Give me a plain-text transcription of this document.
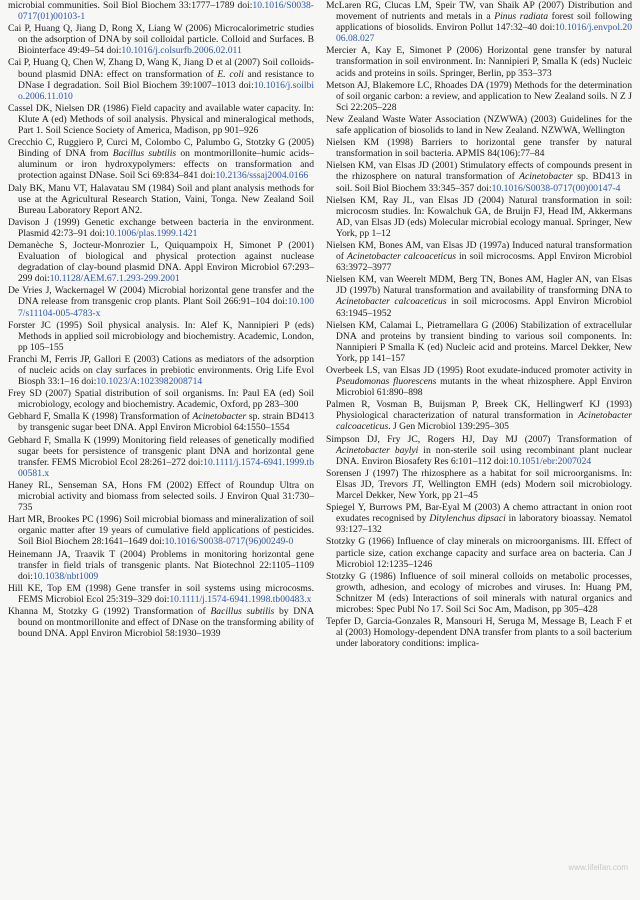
microbial communities. Soil Biol Biochem 33:1777–1789 doi:10.1016/S0038-0717(01)00103-1

Cai P, Huang Q, Jiang D, Rong X, Liang W (2006) Microcalorimetric studies on the adsorption of DNA by soil colloidal particle. Colloid and Surfaces. B Biointerface 49:49–54 doi:10.1016/j.colsurfb.2006.02.011

Cai P, Huang Q, Chen W, Zhang D, Wang K, Jiang D et al (2007) Soil colloids-bound plasmid DNA: effect on transformation of E. coli and resistance to DNase I degradation. Soil Biol Biochem 39:1007–1013 doi:10.1016/j.soilbio.2006.11.010

Cassel DK, Nielsen DR (1986) Field capacity and available water capacity. In: Klute A (ed) Methods of soil analysis. Physical and mineralogical methods, Part 1. Soil Science Society of America, Madison, pp 901–926

Crecchio C, Ruggiero P, Curci M, Colombo C, Palumbo G, Stotzky G (2005) Binding of DNA from Bacillus subtilis on montmorillonite–humic acids–aluminum or iron hydroxypolymers: effects on transformation and protection against DNase. Soil Sci 69:834–841 doi:10.2136/sssaj2004.0166

Daly BK, Manu VT, Halavatau SM (1984) Soil and plant analysis methods for use at the Agricultural Research Station, Vaini, Tonga. New Zealand Soil Bureau Laboratory Report AN2.

Davison J (1999) Genetic exchange between bacteria in the environment. Plasmid 42:73–91 doi:10.1006/plas.1999.1421

Demanèche S, Jocteur-Monrozier L, Quiquampoix H, Simonet P (2001) Evaluation of biological and physical protection against nuclease degradation of clay-bound plasmid DNA. Appl Environ Microbiol 67:293–299 doi:10.1128/AEM.67.1.293-299.2001

De Vries J, Wackernagel W (2004) Microbial horizontal gene transfer and the DNA release from transgenic crop plants. Plant Soil 266:91–104 doi:10.1007/s11104-005-4783-x

Forster JC (1995) Soil physical analysis. In: Alef K, Nannipieri P (eds) Methods in applied soil microbiology and biochemistry. Academic, London, pp 105–155

Franchi M, Ferris JP, Gallori E (2003) Cations as mediators of the adsorption of nucleic acids on clay surfaces in prebiotic environments. Orig Life Evol Biosph 33:1–16 doi:10.1023/A:1023982008714

Frey SD (2007) Spatial distribution of soil organisms. In: Paul EA (ed) Soil microbiology, ecology and biochemistry. Academic, Oxford, pp 283–300

Gebhard F, Smalla K (1998) Transformation of Acinetobacter sp. strain BD413 by transgenic sugar beet DNA. Appl Environ Microbiol 64:1550–1554

Gebhard F, Smalla K (1999) Monitoring field releases of genetically modified sugar beets for persistence of transgenic plant DNA and horizontal gene transfer. FEMS Microbiol Ecol 28:261–272 doi:10.1111/j.1574-6941.1999.tb00581.x

Haney RL, Senseman SA, Hons FM (2002) Effect of Roundup Ultra on microbial activity and biomass from selected soils. J Environ Qual 31:730–735

Hart MR, Brookes PC (1996) Soil microbial biomass and mineralization of soil organic matter after 19 years of cumulative field applications of pesticides. Soil Biol Biochem 28:1641–1649 doi:10.1016/S0038-0717(96)00249-0

Heinemann JA, Traavik T (2004) Problems in monitoring horizontal gene transfer in field trials of transgenic plants. Nat Biotechnol 22:1105–1109 doi:10.1038/nbt1009

Hill KE, Top EM (1998) Gene transfer in soil systems using microcosms. FEMS Microbiol Ecol 25:319–329 doi:10.1111/j.1574-6941.1998.tb00483.x

Khanna M, Stotzky G (1992) Transformation of Bacillus subtilis by DNA bound on montmorillonite and effect of DNase on the transforming ability of bound DNA. Appl Environ Microbiol 58:1930–1939

McLaren RG, Clucas LM, Speir TW, van Shaik AP (2007) Distribution and movement of nutrients and metals in a Pinus radiata forest soil following applications of biosolids. Environ Pollut 147:32–40 doi:10.1016/j.envpol.2006.08.027

Mercier A, Kay E, Simonet P (2006) Horizontal gene transfer by natural transformation in soil environment. In: Nannipieri P, Smalla K (eds) Nucleic acids and proteins in soils. Springer, Berlin, pp 353–373

Metson AJ, Blakemore LC, Rhoades DA (1979) Methods for the determination of soil organic carbon: a review, and application to New Zealand soils. N Z J Sci 22:205–228

New Zealand Waste Water Association (NZWWA) (2003) Guidelines for the safe application of biosolids to land in New Zealand. NZWWA, Wellington

Nielsen KM (1998) Barriers to horizontal gene transfer by natural transformation in soil bacteria. APMIS 84(106):77–84

Nielsen KM, van Elsas JD (2001) Stimulatory effects of compounds present in the rhizosphere on natural transformation of Acinetobacter sp. BD413 in soil. Soil Biol Biochem 33:345–357 doi:10.1016/S0038-0717(00)00147-4

Nielsen KM, Ray JL, van Elsas JD (2004) Natural transformation in soil: microcosm studies. In: Kowalchuk GA, de Bruijn FJ, Head IM, Akkermans AD, van Elsas JD (eds) Molecular microbial ecology manual. Springer, New York, pp 1–12

Nielsen KM, Bones AM, van Elsas JD (1997a) Induced natural transformation of Acinetobacter calcoaceticus in soil microcosms. Appl Environ Microbiol 63:3972–3977

Nielsen KM, van Weerelt MDM, Berg TN, Bones AM, Hagler AN, van Elsas JD (1997b) Natural transformation and availability of transforming DNA to Acinetobacter calcoaceticus in soil microcosms. Appl Environ Microbiol 63:1945–1952

Nielsen KM, Calamai L, Pietramellara G (2006) Stabilization of extracellular DNA and proteins by transient binding to various soil components. In: Nannipieri P Smalla K (ed) Nucleic acid and proteins. Marcel Dekker, New York, pp 141–157

Overbeek LS, van Elsas JD (1995) Root exudate-induced promoter activity in Pseudomonas fluorescens mutants in the wheat rhizosphere. Appl Environ Microbiol 61:890–898

Palmen R, Vosman B, Buijsman P, Breek CK, Hellingwerf KJ (1993) Physiological characterization of natural transformation in Acinetobacter calcoaceticus. J Gen Microbiol 139:295–305

Simpson DJ, Fry JC, Rogers HJ, Day MJ (2007) Transformation of Acinetobacter baylyi in non-sterile soil using recombinant plant nuclear DNA. Environ Biosafety Res 6:101–112 doi:10.1051/ebr:2007024

Sorensen J (1997) The rhizosphere as a habitat for soil microorganisms. In: Elsas JD, Trevors JT, Wellington EMH (eds) Modern soil microbiology. Marcel Dekker, New York, pp 21–45

Spiegel Y, Burrows PM, Bar-Eyal M (2003) A chemo attractant in onion root exudates recognised by Ditylenchus dipsaci in laboratory bioassay. Nematol 93:127–132

Stotzky G (1966) Influence of clay minerals on microorganisms. III. Effect of particle size, cation exchange capacity and surface area on bacteria. Can J Microbiol 12:1235–1246

Stotzky G (1986) Influence of soil mineral colloids on metabolic processes, growth, adhesion, and ecology of microbes and viruses. In: Huang PM, Schnitzer M (eds) Interactions of soil minerals with natural organics and microbes: Spec Publ No 17. Soil Sci Soc Am, Madison, pp 305–428

Tepfer D, Garcia-Gonzales R, Mansouri H, Seruga M, Message B, Leach F et al (2003) Homology-dependent DNA transfer from plants to a soil bacterium under laboratory conditions: implica-

www.lifeifan.com
